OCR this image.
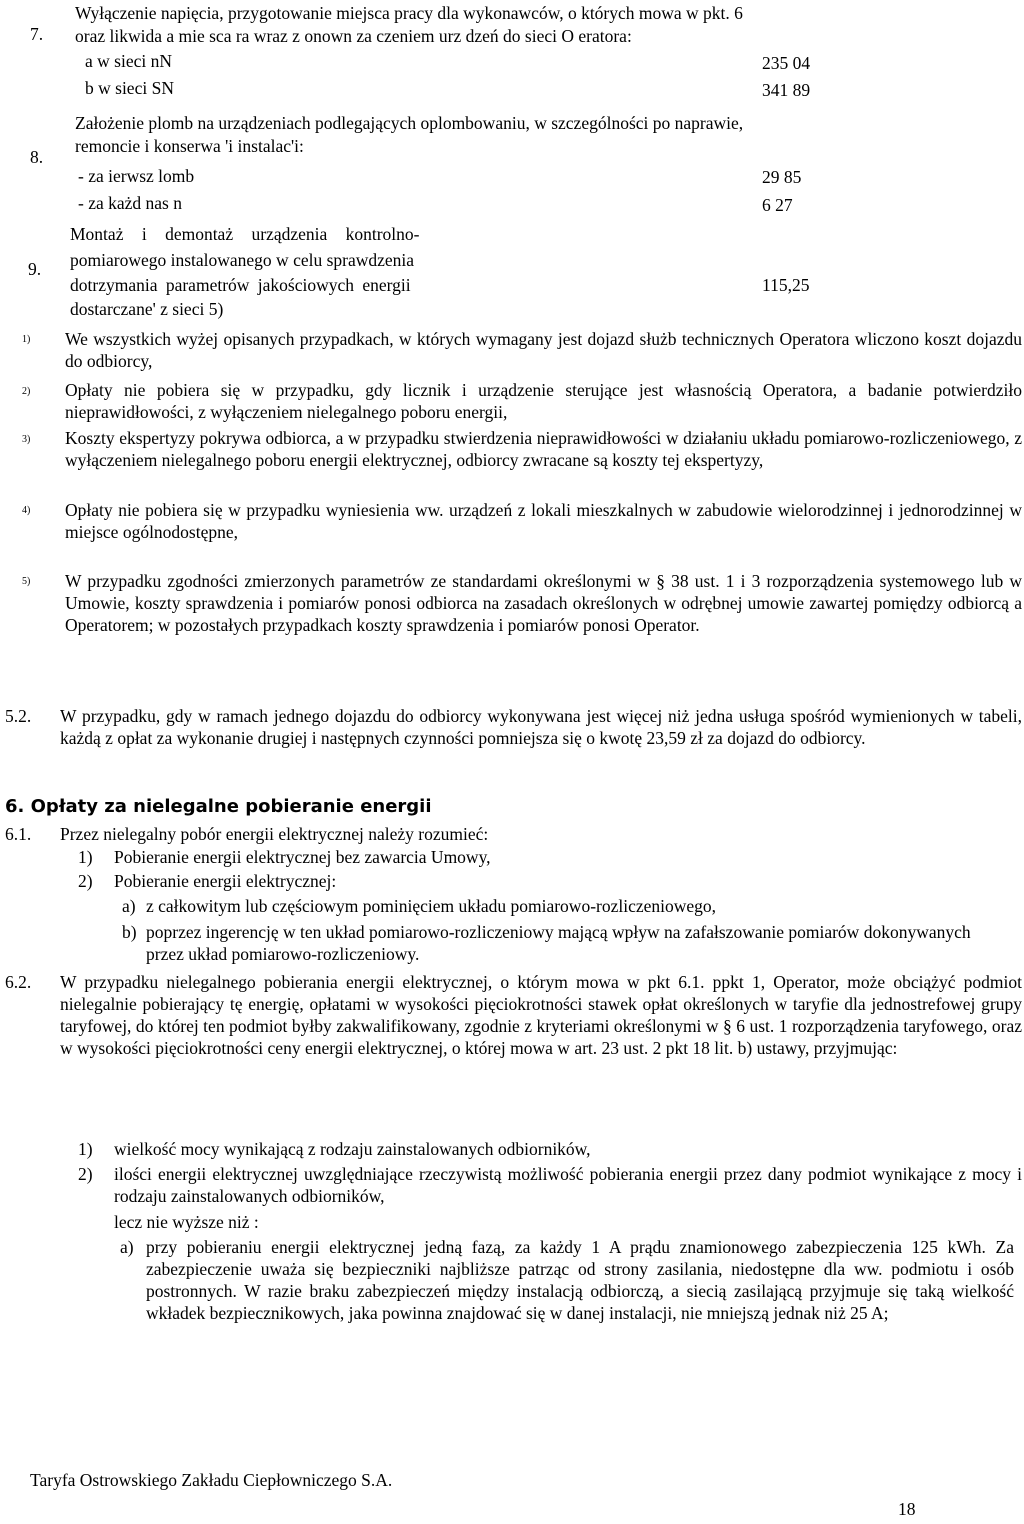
Wyłączenie napięcia, przygotowanie miejsca pracy dla wykonawców, o których mowa w pkt. 6
7. oraz likwida a mie sca ra wraz z onown za czeniem urz dzeń do sieci O eratora:
a w sieci nN	235 04
b w sieci SN	341 89
Założenie plomb na urządzeniach podlegających oplombowaniu, w szczególności po naprawie,
remoncie i konserwa 'i instalac'i:
8.
- za ierwsz lomb	29 85
- za każd nas n	6 27
Montaż i demontaż urządzenia kontrolno-
pomiarowego instalowanego w celu sprawdzenia
9.
dotrzymania parametrów jakościowych energii	115,25
dostarczane' z sieci 5)
1) We wszystkich wyżej opisanych przypadkach, w których wymagany jest dojazd służb technicznych Operatora wliczono koszt dojazdu do odbiorcy,
2) Opłaty nie pobiera się w przypadku, gdy licznik i urządzenie sterujące jest własnością Operatora, a badanie potwierdziło nieprawidłowości, z wyłączeniem nielegalnego poboru energii,
3) Koszty ekspertyzy pokrywa odbiorca, a w przypadku stwierdzenia nieprawidłowości w działaniu układu pomiarowo-rozliczeniowego, z wyłączeniem nielegalnego poboru energii elektrycznej, odbiorcy zwracane są koszty tej ekspertyzy,
4) Opłaty nie pobiera się w przypadku wyniesienia ww. urządzeń z lokali mieszkalnych w zabudowie wielorodzinnej i jednorodzinnej w miejsce ogólnodostępne,
5) W przypadku zgodności zmierzonych parametrów ze standardami określonymi w § 38 ust. 1 i 3 rozporządzenia systemowego lub w Umowie, koszty sprawdzenia i pomiarów ponosi odbiorca na zasadach określonych w odrębnej umowie zawartej pomiędzy odbiorcą a Operatorem; w pozostałych przypadkach koszty sprawdzenia i pomiarów ponosi Operator.
5.2. W przypadku, gdy w ramach jednego dojazdu do odbiorcy wykonywana jest więcej niż jedna usługa spośród wymienionych w tabeli, każdą z opłat za wykonanie drugiej i następnych czynności pomniejsza się o kwotę 23,59 zł za dojazd do odbiorcy.
6. Opłaty za nielegalne pobieranie energii
6.1. Przez nielegalny pobór energii elektrycznej należy rozumieć:
1) Pobieranie energii elektrycznej bez zawarcia Umowy,
2) Pobieranie energii elektrycznej:
a) z całkowitym lub częściowym pominięciem układu pomiarowo-rozliczeniowego,
b) poprzez ingerencję w ten układ pomiarowo-rozliczeniowy mającą wpływ na zafałszowanie pomiarów dokonywanych przez układ pomiarowo-rozliczeniowy.
6.2. W przypadku nielegalnego pobierania energii elektrycznej, o którym mowa w pkt 6.1. ppkt 1, Operator, może obciążyć podmiot nielegalnie pobierający tę energię, opłatami w wysokości pięciokrotności stawek opłat określonych w taryfie dla jednostrefowej grupy taryfowej, do której ten podmiot byłby zakwalifikowany, zgodnie z kryteriami określonymi w § 6 ust. 1 rozporządzenia taryfowego, oraz w wysokości pięciokrotności ceny energii elektrycznej, o której mowa w art. 23 ust. 2 pkt 18 lit. b) ustawy, przyjmując:
1) wielkość mocy wynikającą z rodzaju zainstalowanych odbiorników,
2) ilości energii elektrycznej uwzględniające rzeczywistą możliwość pobierania energii przez dany podmiot wynikające z mocy i rodzaju zainstalowanych odbiorników,
lecz nie wyższe niż :
a) przy pobieraniu energii elektrycznej jedną fazą, za każdy 1 A prądu znamionowego zabezpieczenia 125 kWh. Za zabezpieczenie uważa się bezpieczniki najbliższe patrząc od strony zasilania, niedostępne dla ww. podmiotu i osób postronnych. W razie braku zabezpieczeń między instalacją odbiorczą, a siecią zasilającą przyjmuje się taką wielkość wkładek bezpiecznikowych, jaka powinna znajdować się w danej instalacji, nie mniejszą jednak niż 25 A;
Taryfa Ostrowskiego Zakładu Ciepłowniczego S.A.
18
